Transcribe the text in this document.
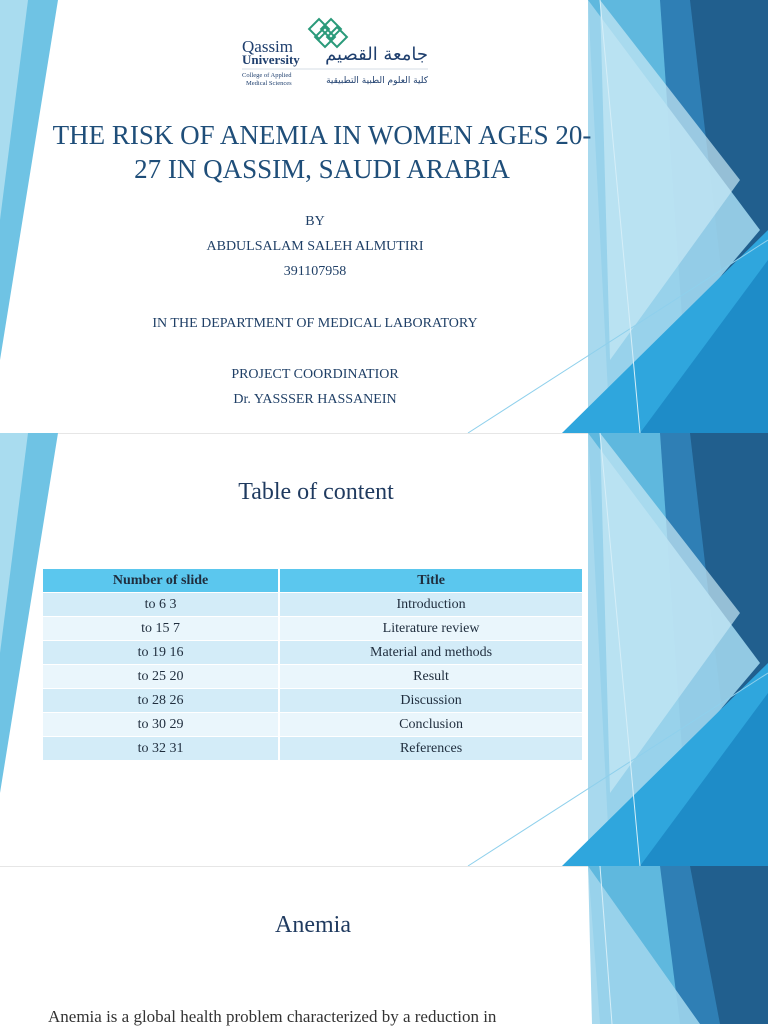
Qassim
University جامعة القصيم
College of Applied
Medical Sciences	كلية العلوم الطبية التطبيقية
THE RISK OF ANEMIA IN WOMEN AGES 20-
27 IN QASSIM, SAUDI ARABIA
BY
ABDULSALAM SALEH ALMUTIRI
391107958
IN THE DEPARTMENT OF MEDICAL LABORATORY
PROJECT COORDINATIOR
Dr. YASSSER HASSANEIN
Table of content
Number of slide	Title
to 6 3	Introduction
to 15 7	Literature review
to 19 16	Material and methods
to 25 20	Result
to 28 26	Discussion
to 30 29	Conclusion
to 32 31	References
Anemia
Anemia is a global health problem characterized by a reduction in
